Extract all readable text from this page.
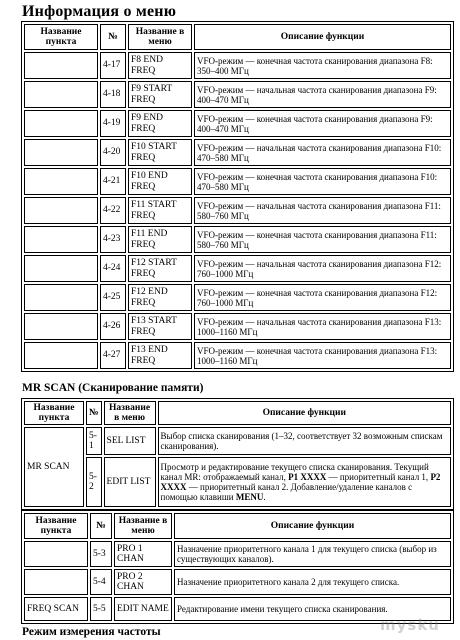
Информация о меню
Название пункта	№	Название в меню	Описание функции
	4-17	F8 END FREQ	VFO-режим — конечная частота сканирования диапазона F8: 350–400 МГц
	4-18	F9 START FREQ	VFO-режим — начальная частота сканирования диапазона F9: 400–470 МГц
	4-19	F9 END FREQ	VFO-режим — конечная частота сканирования диапазона F9: 400–470 МГц
	4-20	F10 START FREQ	VFO-режим — начальная частота сканирования диапазона F10: 470–580 МГц
	4-21	F10 END FREQ	VFO-режим — конечная частота сканирования диапазона F10: 470–580 МГц
	4-22	F11 START FREQ	VFO-режим — начальная частота сканирования диапазона F11: 580–760 МГц
	4-23	F11 END FREQ	VFO-режим — конечная частота сканирования диапазона F11: 580–760 МГц
	4-24	F12 START FREQ	VFO-режим — начальная частота сканирования диапазона F12: 760–1000 МГц
	4-25	F12 END FREQ	VFO-режим — конечная частота сканирования диапазона F12: 760–1000 МГц
	4-26	F13 START FREQ	VFO-режим — начальная частота сканирования диапазона F13: 1000–1160 МГц
	4-27	F13 END FREQ	VFO-режим — конечная частота сканирования диапазона F13: 1000–1160 МГц
MR SCAN (Сканирование памяти)
Название пункта	№	Название в меню	Описание функции
MR SCAN	5-1	SEL LIST	Выбор списка сканирования (1–32, соответствует 32 возможным спискам сканирования).
	5-2	EDIT LIST	Просмотр и редактирование текущего списка сканирования. Текущий канал MR: отображаемый канал, P1 XXXX — приоритетный канал 1, P2 XXXX — приоритетный канал 2. Добавление/удаление каналов с помощью клавиши MENU.
Название пункта	№	Название в меню	Описание функции
	5-3	PRO 1 CHAN	Назначение приоритетного канала 1 для текущего списка (выбор из существующих каналов).
	5-4	PRO 2 CHAN	Назначение приоритетного канала 2 для текущего списка.
FREQ SCAN	5-5	EDIT NAME	Редактирование имени текущего списка сканирования.
Режим измерения частоты	mysku
